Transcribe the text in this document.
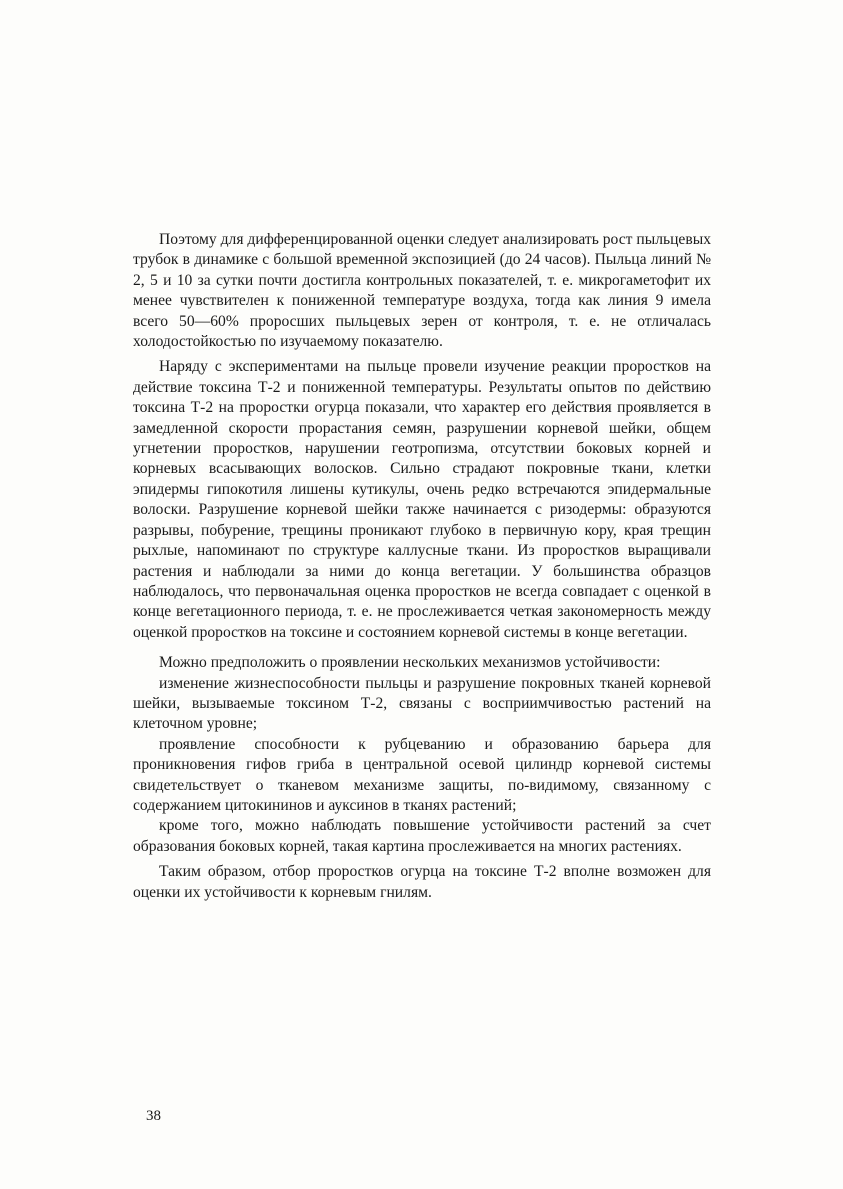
Поэтому для дифференцированной оценки следует анализировать рост пыльцевых трубок в динамике с большой временной экспозицией (до 24 часов). Пыльца линий № 2, 5 и 10 за сутки почти достигла контрольных показателей, т. е. микрогаметофит их менее чувствителен к пониженной температуре воздуха, тогда как линия 9 имела всего 50—60% проросших пыльцевых зерен от контроля, т. е. не отличалась холодостойкостью по изучаемому показателю.

Наряду с экспериментами на пыльце провели изучение реакции проростков на действие токсина Т-2 и пониженной температуры. Результаты опытов по действию токсина Т-2 на проростки огурца показали, что характер его действия проявляется в замедленной скорости прорастания семян, разрушении корневой шейки, общем угнетении проростков, нарушении геотропизма, отсутствии боковых корней и корневых всасывающих волосков. Сильно страдают покровные ткани, клетки эпидермы гипокотиля лишены кутикулы, очень редко встречаются эпидермальные волоски. Разрушение корневой шейки также начинается с ризодермы: образуются разрывы, побурение, трещины проникают глубоко в первичную кору, края трещин рыхлые, напоминают по структуре каллусные ткани. Из проростков выращивали растения и наблюдали за ними до конца вегетации. У большинства образцов наблюдалось, что первоначальная оценка проростков не всегда совпадает с оценкой в конце вегетационного периода, т. е. не прослеживается четкая закономерность между оценкой проростков на токсине и состоянием корневой системы в конце вегетации.

Можно предположить о проявлении нескольких механизмов устойчивости:

изменение жизнеспособности пыльцы и разрушение покровных тканей корневой шейки, вызываемые токсином Т-2, связаны с восприимчивостью растений на клеточном уровне;

проявление способности к рубцеванию и образованию барьера для проникновения гифов гриба в центральной осевой цилиндр корневой системы свидетельствует о тканевом механизме защиты, по-видимому, связанному с содержанием цитокининов и ауксинов в тканях растений;

кроме того, можно наблюдать повышение устойчивости растений за счет образования боковых корней, такая картина прослеживается на многих растениях.

Таким образом, отбор проростков огурца на токсине Т-2 вполне возможен для оценки их устойчивости к корневым гнилям.

38
